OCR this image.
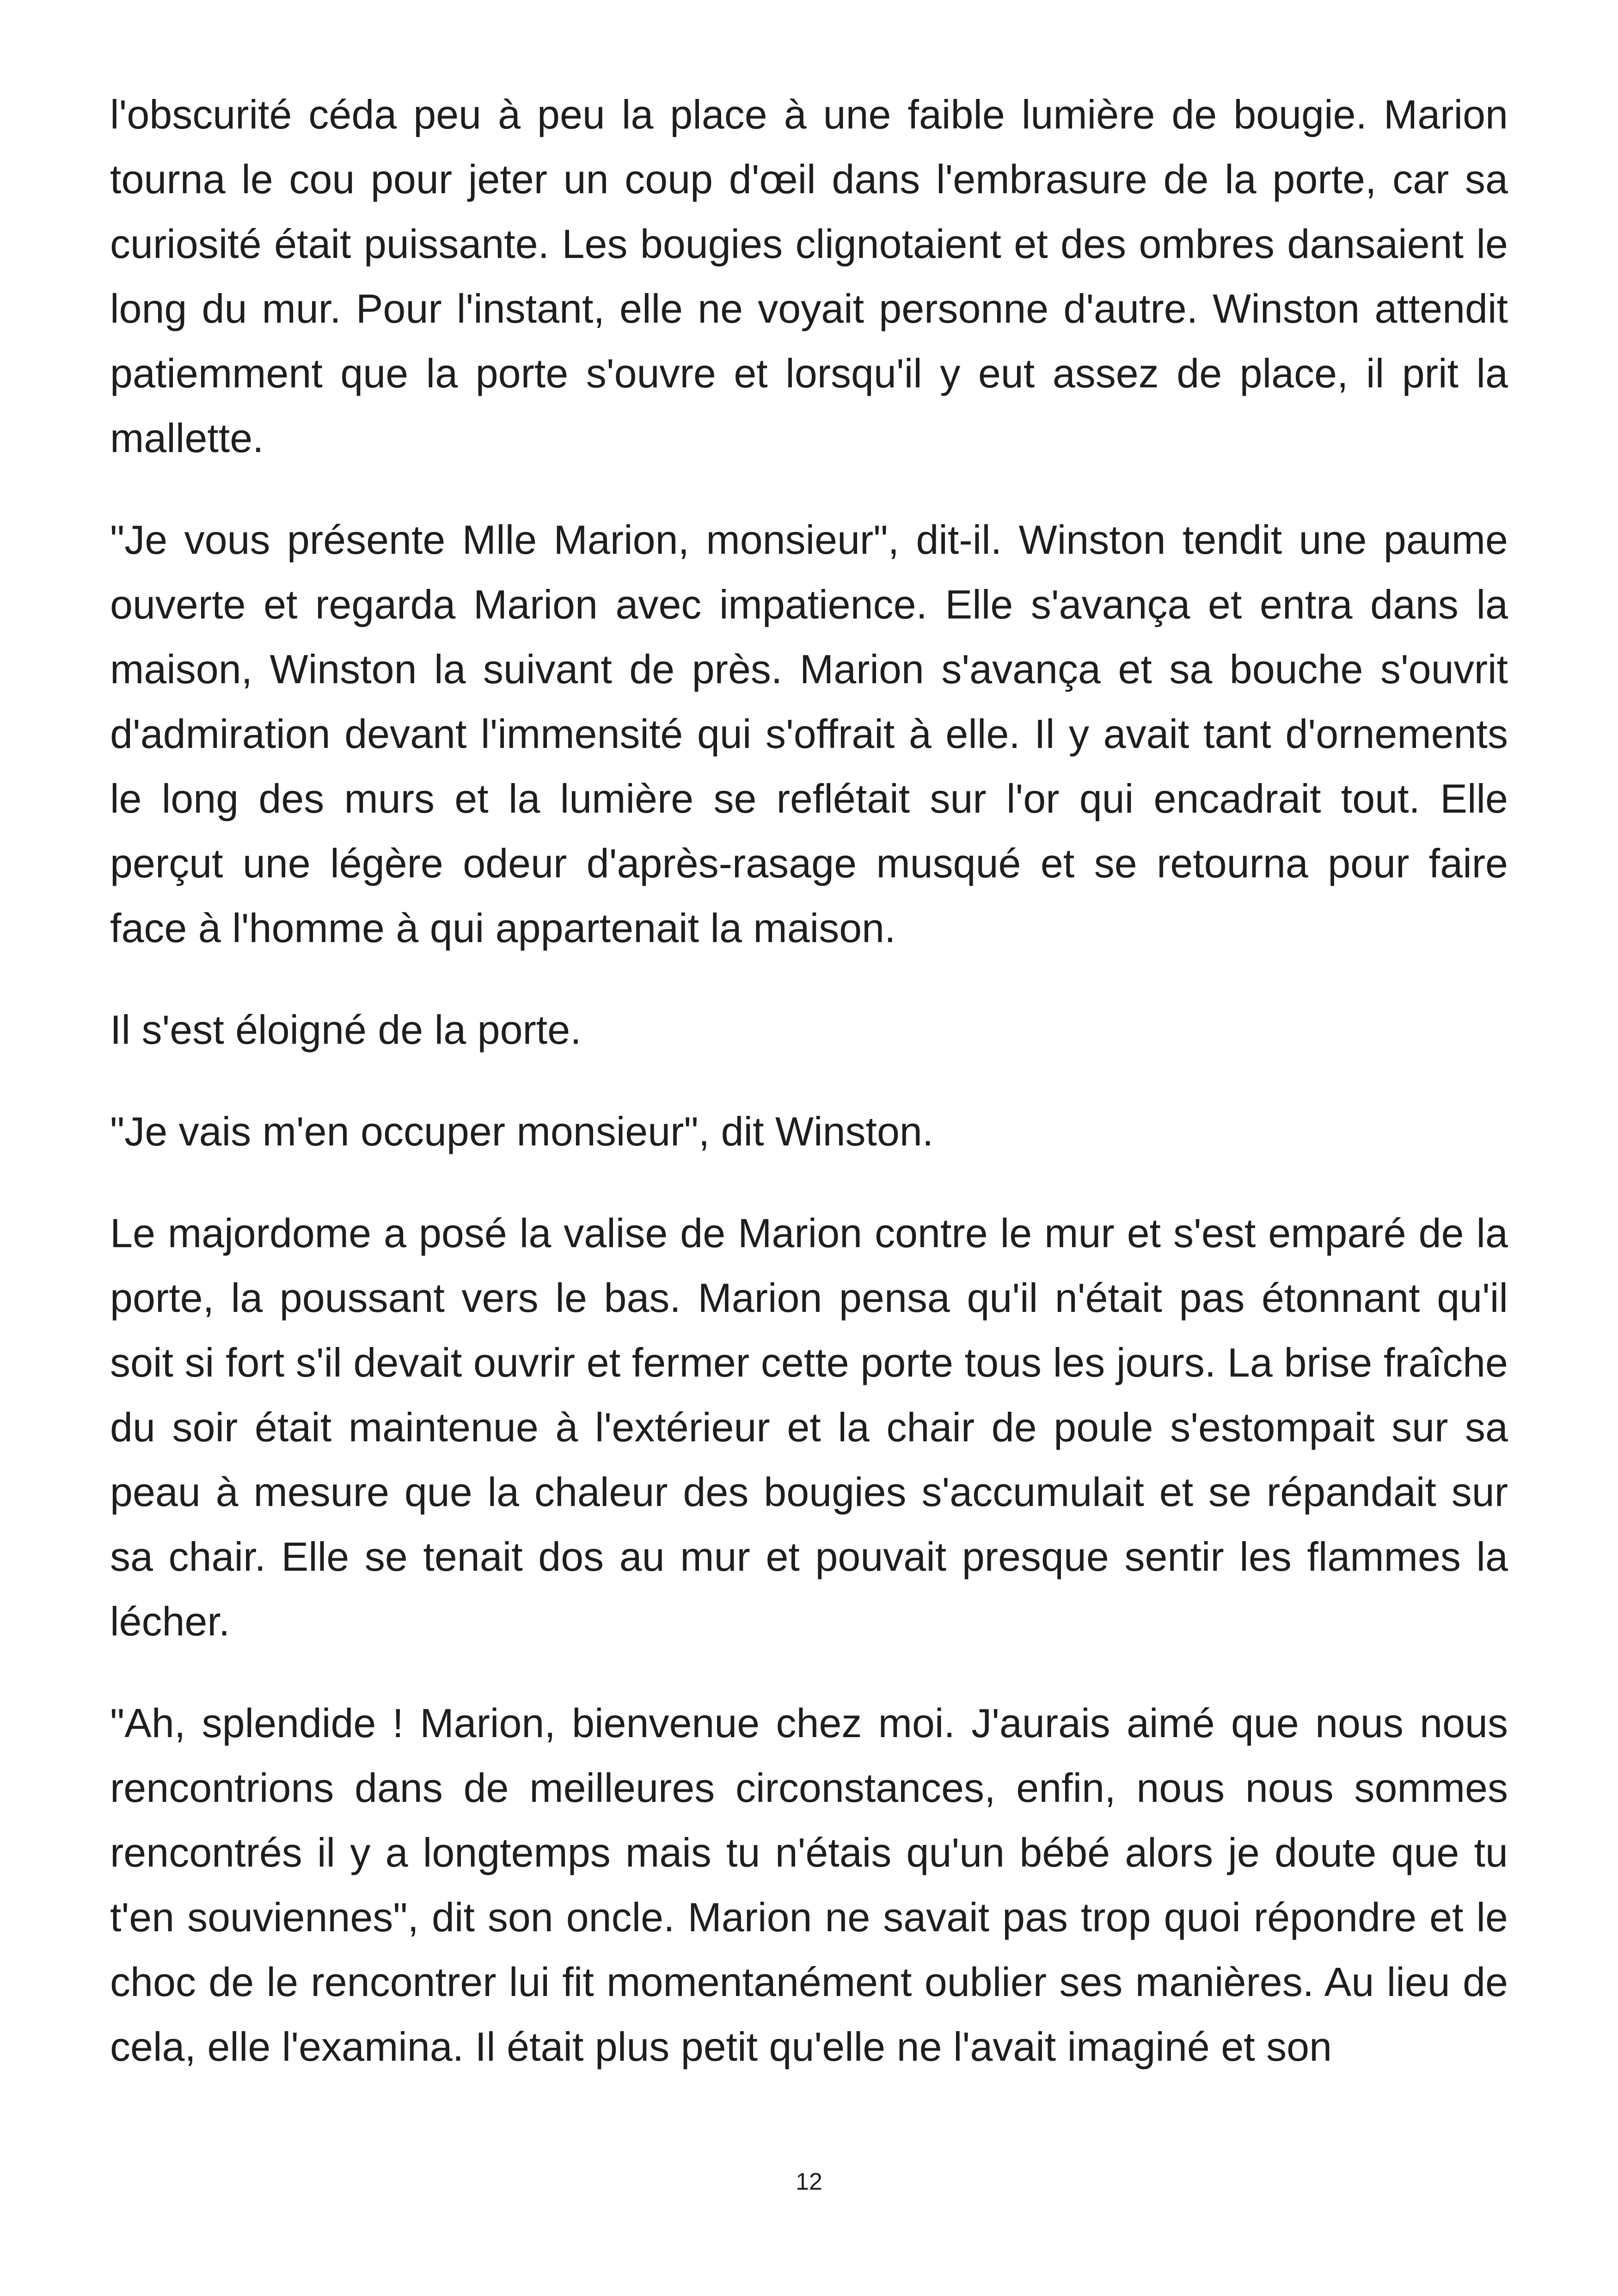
l'obscurité céda peu à peu la place à une faible lumière de bougie. Marion tourna le cou pour jeter un coup d'œil dans l'embrasure de la porte, car sa curiosité était puissante. Les bougies clignotaient et des ombres dansaient le long du mur. Pour l'instant, elle ne voyait personne d'autre. Winston attendit patiemment que la porte s'ouvre et lorsqu'il y eut assez de place, il prit la mallette.

"Je vous présente Mlle Marion, monsieur", dit-il. Winston tendit une paume ouverte et regarda Marion avec impatience. Elle s'avança et entra dans la maison, Winston la suivant de près. Marion s'avança et sa bouche s'ouvrit d'admiration devant l'immensité qui s'offrait à elle. Il y avait tant d'ornements le long des murs et la lumière se reflétait sur l'or qui encadrait tout. Elle perçut une légère odeur d'après-rasage musqué et se retourna pour faire face à l'homme à qui appartenait la maison.

Il s'est éloigné de la porte.

"Je vais m'en occuper monsieur", dit Winston.

Le majordome a posé la valise de Marion contre le mur et s'est emparé de la porte, la poussant vers le bas. Marion pensa qu'il n'était pas étonnant qu'il soit si fort s'il devait ouvrir et fermer cette porte tous les jours. La brise fraîche du soir était maintenue à l'extérieur et la chair de poule s'estompait sur sa peau à mesure que la chaleur des bougies s'accumulait et se répandait sur sa chair. Elle se tenait dos au mur et pouvait presque sentir les flammes la lécher.

"Ah, splendide ! Marion, bienvenue chez moi. J'aurais aimé que nous nous rencontrions dans de meilleures circonstances, enfin, nous nous sommes rencontrés il y a longtemps mais tu n'étais qu'un bébé alors je doute que tu t'en souviennes", dit son oncle. Marion ne savait pas trop quoi répondre et le choc de le rencontrer lui fit momentanément oublier ses manières. Au lieu de cela, elle l'examina. Il était plus petit qu'elle ne l'avait imaginé et son

12
